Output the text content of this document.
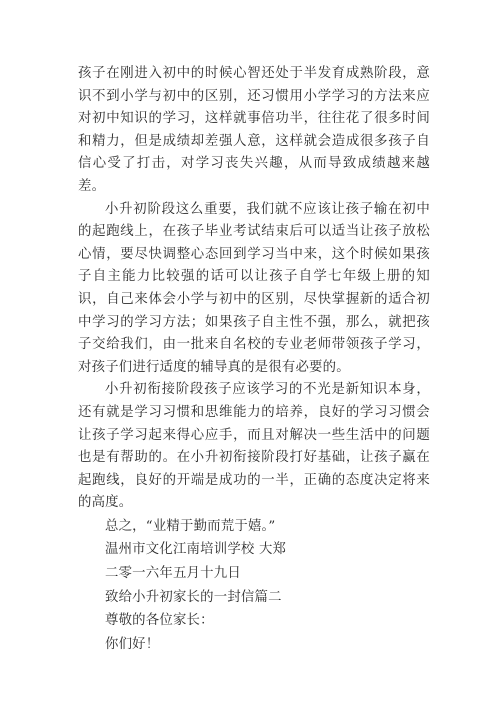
孩子在刚进入初中的时候心智还处于半发育成熟阶段，意识不到小学与初中的区别，还习惯用小学学习的方法来应对初中知识的学习，这样就事倍功半，往往花了很多时间和精力，但是成绩却差强人意，这样就会造成很多孩子自信心受了打击，对学习丧失兴趣，从而导致成绩越来越差。

小升初阶段这么重要，我们就不应该让孩子输在初中的起跑线上，在孩子毕业考试结束后可以适当让孩子放松心情，要尽快调整心态回到学习当中来，这个时候如果孩子自主能力比较强的话可以让孩子自学七年级上册的知识，自己来体会小学与初中的区别，尽快掌握新的适合初中学习的学习方法；如果孩子自主性不强，那么，就把孩子交给我们，由一批来自名校的专业老师带领孩子学习，对孩子们进行适度的辅导真的是很有必要的。

小升初衔接阶段孩子应该学习的不光是新知识本身，还有就是学习习惯和思维能力的培养，良好的学习习惯会让孩子学习起来得心应手，而且对解决一些生活中的问题也是有帮助的。在小升初衔接阶段打好基础，让孩子赢在起跑线，良好的开端是成功的一半，正确的态度决定将来的高度。

总之，“业精于勤而荒于嬉。”

温州市文化江南培训学校 大郑

二零一六年五月十九日

致给小升初家长的一封信篇二

尊敬的各位家长：

你们好！
